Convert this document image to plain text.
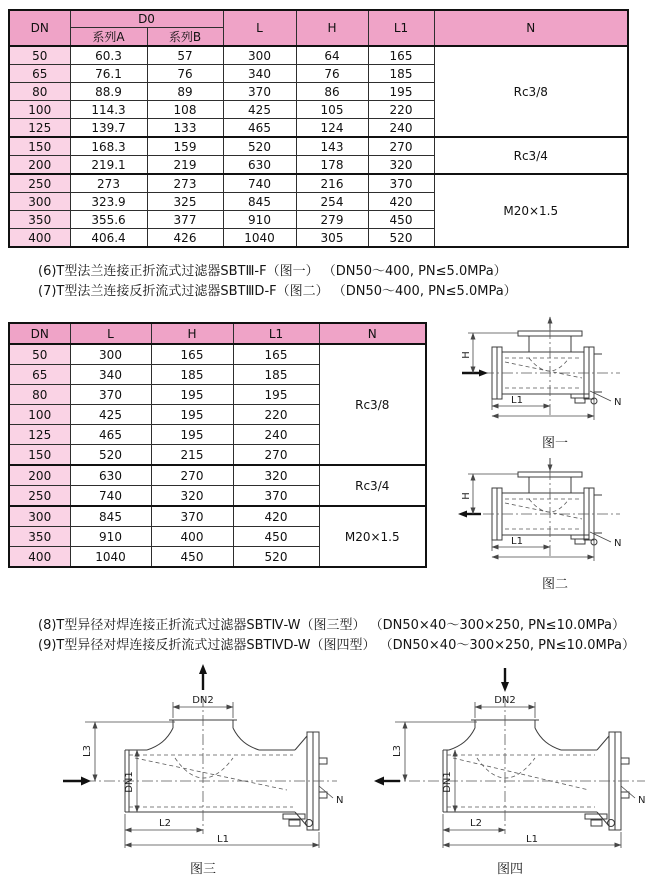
DN	D0		L	H	L1	N
	系列A	系列B				
50	60.3	57	300	64	165	Rc3/8
65	76.1	76	340	76	185	
80	88.9	89	370	86	195	
100	114.3	108	425	105	220	
125	139.7	133	465	124	240	
150	168.3	159	520	143	270	Rc3/4
200	219.1	219	630	178	320	
250	273	273	740	216	370	M20×1.5
300	323.9	325	845	254	420	
350	355.6	377	910	279	450	
400	406.4	426	1040	305	520	
(6)T型法兰连接正折流式过滤器SBTⅢ-F（图一） （DN50～400, PN≤5.0MPa）
(7)T型法兰连接反折流式过滤器SBTⅢD-F（图二） （DN50～400, PN≤5.0MPa）
DN	L	H	L1	N
50	300	165	165	Rc3/8
65	340	185	185	
80	370	195	195	
100	425	195	220	
125	465	195	240	
150	520	215	270	
200	630	270	320	Rc3/4
250	740	320	370	
300	845	370	420	M20×1.5
350	910	400	450	
400	1040	450	520	
H
L1	N
图一
H
L1	N
图二
DN2
L3
DN1
L2
L1
N
图三
DN2
L3
DN1
L2
L1
N
图四
(8)T型异径对焊连接正折流式过滤器SBTⅣ-W（图三型） （DN50×40～300×250, PN≤10.0MPa）
(9)T型异径对焊连接反折流式过滤器SBTⅣD-W（图四型） （DN50×40～300×250, PN≤10.0MPa）
